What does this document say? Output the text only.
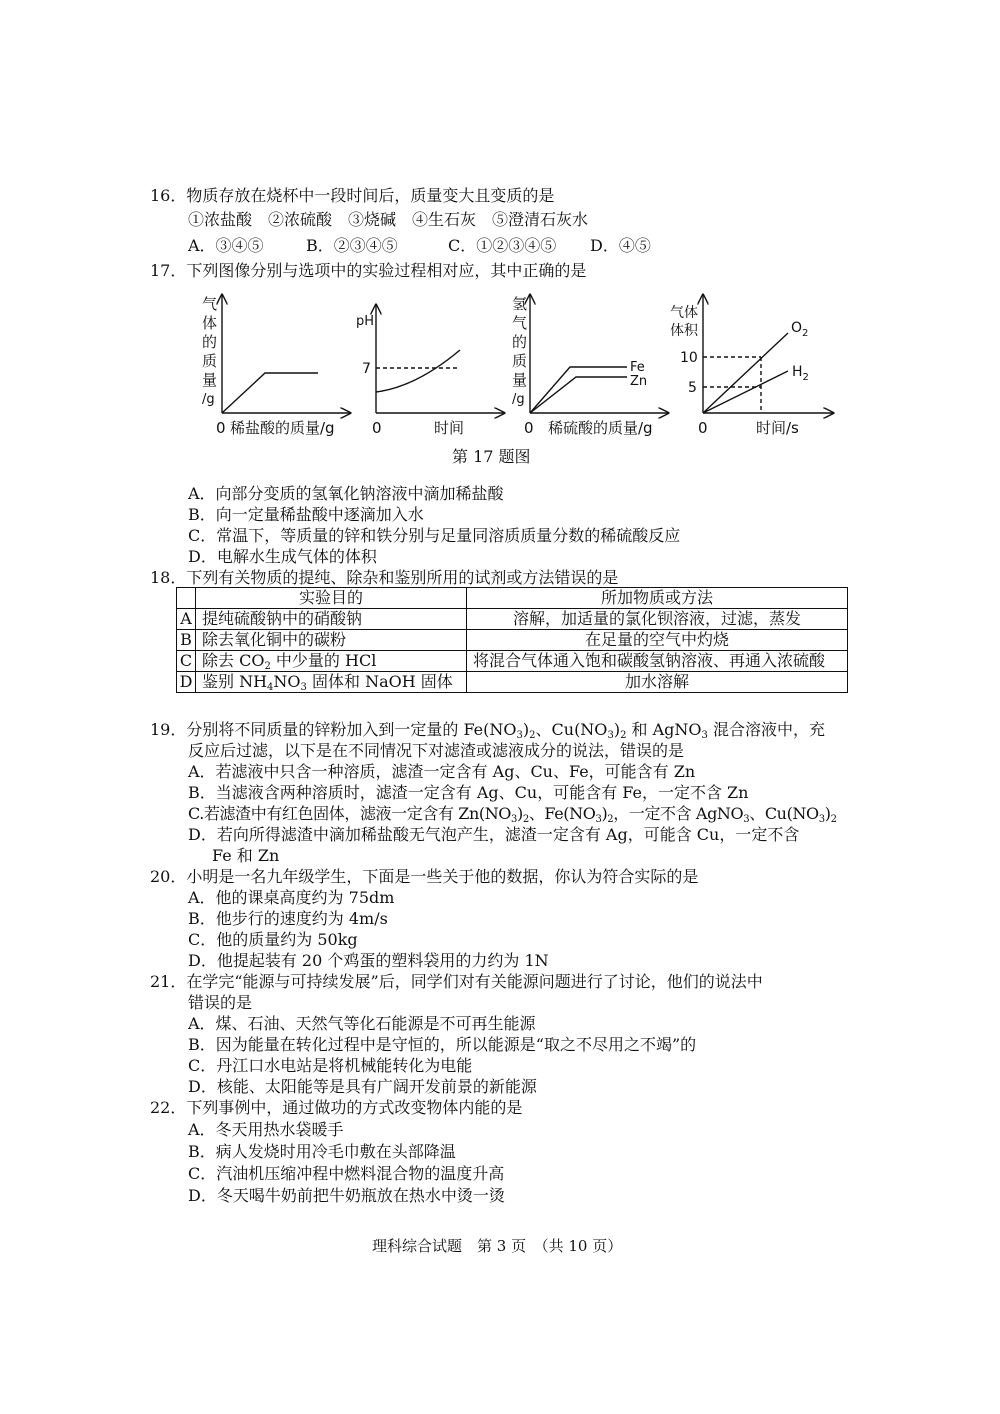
16．物质存放在烧杯中一段时间后，质量变大且变质的是
①浓盐酸　②浓硫酸　③烧碱　④生石灰　⑤澄清石灰水
A．③④⑤	B．②③④⑤	C．①②③④⑤ D．④⑤
17．下列图像分别与选项中的实验过程相对应，其中正确的是
气
体
的
质
量
/g
0 稀盐酸的质量/g
pH
7
0	时间
氢
气
的
质
量
/g
0 稀硫酸的质量/g
Fe
Zn
气体
体积
10
5
0	时间/s
$O_2$
$H_2$
第 17 题图
A．向部分变质的氢氧化钠溶液中滴加稀盐酸
B．向一定量稀盐酸中逐滴加入水
C．常温下，等质量的锌和铁分别与足量同溶质质量分数的稀硫酸反应
D．电解水生成气体的体积
18．下列有关物质的提纯、除杂和鉴别所用的试剂或方法错误的是
	实验目的	所加物质或方法
A	提纯硫酸钠中的硝酸钠	溶解，加适量的氯化钡溶液，过滤，蒸发
B	除去氧化铜中的碳粉	在足量的空气中灼烧
C	除去 $CO_2$ 中少量的 HCl	将混合气体通入饱和碳酸氢钠溶液、再通入浓硫酸
D	鉴别 $NH_4NO_3$ 固体和 NaOH 固体	加水溶解
19．分别将不同质量的锌粉加入到一定量的 $Fe(NO_3)_2$、$Cu(NO_3)_2$ 和 AgNO$_3$ 混合溶液中，充
反应后过滤，以下是在不同情况下对滤渣或滤液成分的说法，错误的是
A．若滤液中只含一种溶质，滤渣一定含有 Ag、Cu、Fe，可能含有 Zn
B．当滤液含两种溶质时，滤渣一定含有 Ag、Cu，可能含有 Fe，一定不含 Zn
C.若滤渣中有红色固体，滤液一定含有 $Zn(NO_3)_2$、$Fe(NO_3)_2$，一定不含 AgNO$_3$、$Cu(NO_3)_2$
D．若向所得滤渣中滴加稀盐酸无气泡产生，滤渣一定含有 Ag，可能含 Cu，一定不含
Fe 和 Zn
20．小明是一名九年级学生，下面是一些关于他的数据，你认为符合实际的是
A．他的课桌高度约为 75dm
B．他步行的速度约为 4m/s
C．他的质量约为 50kg
D．他提起装有 20 个鸡蛋的塑料袋用的力约为 1N
21．在学完“能源与可持续发展”后，同学们对有关能源问题进行了讨论，他们的说法中
错误的是
A．煤、石油、天然气等化石能源是不可再生能源
B．因为能量在转化过程中是守恒的，所以能源是“取之不尽用之不竭”的
C．丹江口水电站是将机械能转化为电能
D．核能、太阳能等是具有广阔开发前景的新能源
22．下列事例中，通过做功的方式改变物体内能的是
A．冬天用热水袋暖手
B．病人发烧时用冷毛巾敷在头部降温
C．汽油机压缩冲程中燃料混合物的温度升高
D．冬天喝牛奶前把牛奶瓶放在热水中烫一烫
理科综合试题　第 3 页　（共 10 页）
